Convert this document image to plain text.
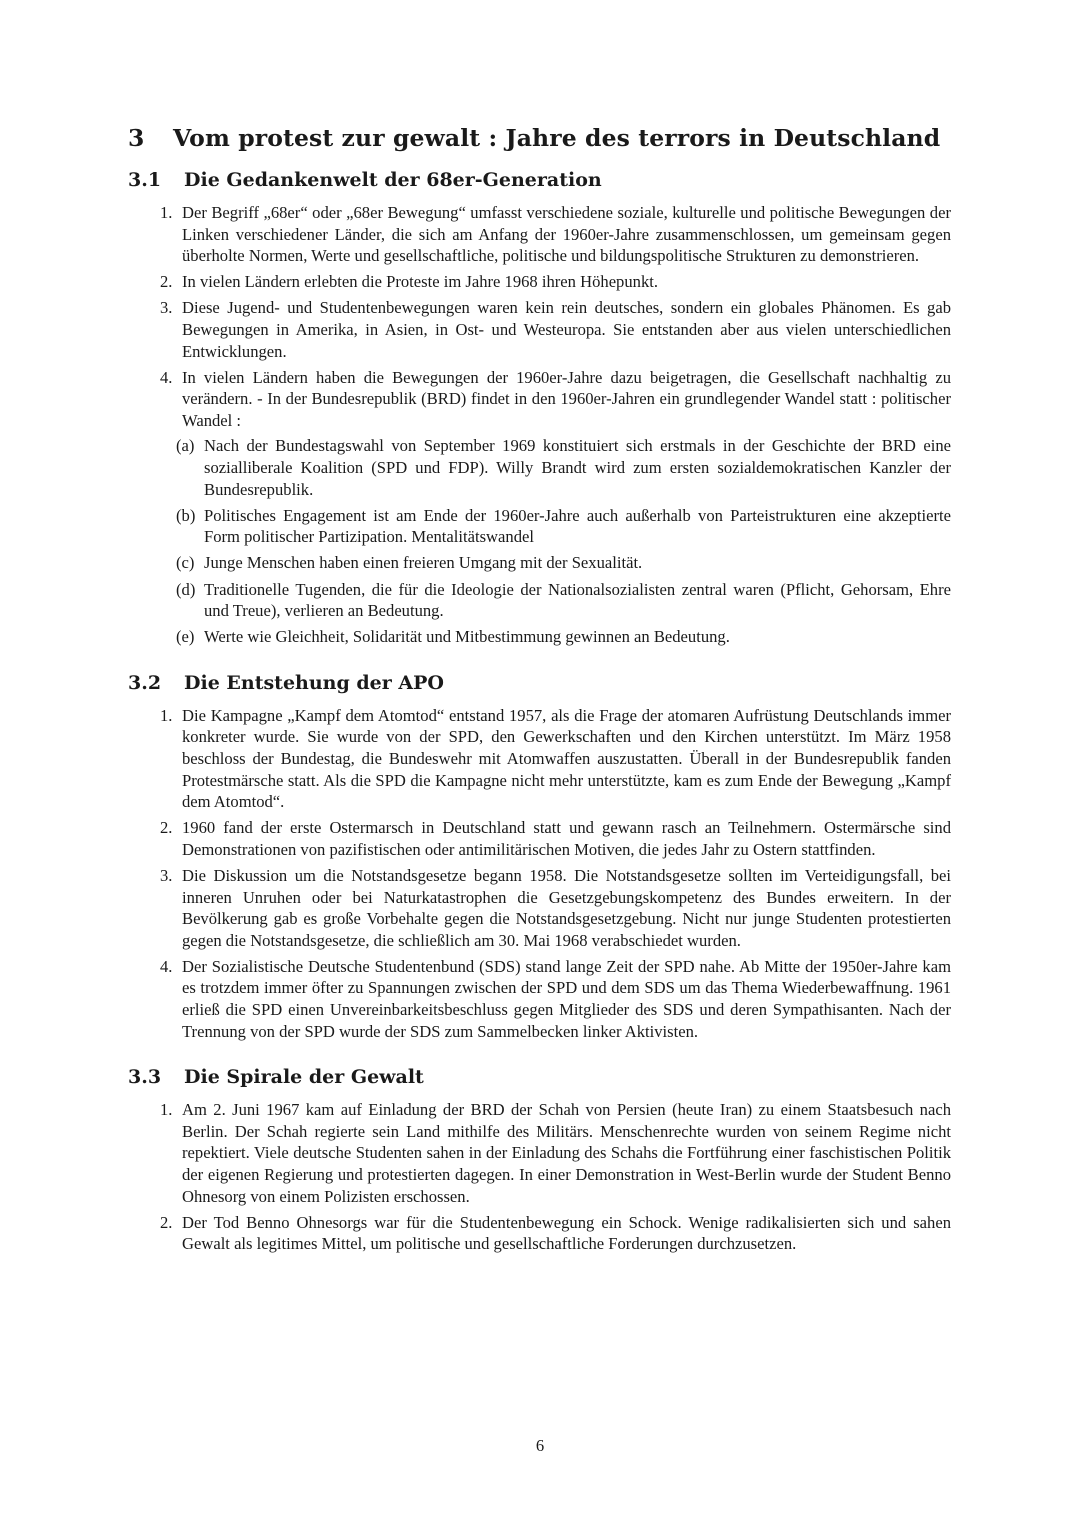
3 Vom protest zur gewalt : Jahre des terrors in Deutschland
3.1 Die Gedankenwelt der 68er-Generation
1. Der Begriff „68er“ oder „68er Bewegung“ umfasst verschiedene soziale, kulturelle und politische Bewegungen der Linken verschiedener Länder, die sich am Anfang der 1960er-Jahre zusammenschlossen, um gemeinsam gegen überholte Normen, Werte und gesellschaftliche, politische und bildungspolitische Strukturen zu demonstrieren.
2. In vielen Ländern erlebten die Proteste im Jahre 1968 ihren Höhepunkt.
3. Diese Jugend- und Studentenbewegungen waren kein rein deutsches, sondern ein globales Phänomen. Es gab Bewegungen in Amerika, in Asien, in Ost- und Westeuropa. Sie entstanden aber aus vielen unterschiedlichen Entwicklungen.
4. In vielen Ländern haben die Bewegungen der 1960er-Jahre dazu beigetragen, die Gesellschaft nachhaltig zu verändern. - In der Bundesrepublik (BRD) findet in den 1960er-Jahren ein grundlegender Wandel statt : politischer Wandel :
(a) Nach der Bundestagswahl von September 1969 konstituiert sich erstmals in der Geschichte der BRD eine sozialliberale Koalition (SPD und FDP). Willy Brandt wird zum ersten sozialdemokratischen Kanzler der Bundesrepublik.
(b) Politisches Engagement ist am Ende der 1960er-Jahre auch außerhalb von Parteistrukturen eine akzeptierte Form politischer Partizipation. Mentalitätswandel
(c) Junge Menschen haben einen freieren Umgang mit der Sexualität.
(d) Traditionelle Tugenden, die für die Ideologie der Nationalsozialisten zentral waren (Pflicht, Gehorsam, Ehre und Treue), verlieren an Bedeutung.
(e) Werte wie Gleichheit, Solidarität und Mitbestimmung gewinnen an Bedeutung.
3.2 Die Entstehung der APO
1. Die Kampagne „Kampf dem Atomtod“ entstand 1957, als die Frage der atomaren Aufrüstung Deutschlands immer konkreter wurde. Sie wurde von der SPD, den Gewerkschaften und den Kirchen unterstützt. Im März 1958 beschloss der Bundestag, die Bundeswehr mit Atomwaffen auszustatten. Überall in der Bundesrepublik fanden Protestmärsche statt. Als die SPD die Kampagne nicht mehr unterstützte, kam es zum Ende der Bewegung „Kampf dem Atomtod“.
2. 1960 fand der erste Ostermarsch in Deutschland statt und gewann rasch an Teilnehmern. Ostermärsche sind Demonstrationen von pazifistischen oder antimilitärischen Motiven, die jedes Jahr zu Ostern stattfinden.
3. Die Diskussion um die Notstandsgesetze begann 1958. Die Notstandsgesetze sollten im Verteidigungsfall, bei inneren Unruhen oder bei Naturkatastrophen die Gesetzgebungskompetenz des Bundes erweitern. In der Bevölkerung gab es große Vorbehalte gegen die Notstandsgesetzgebung. Nicht nur junge Studenten protestierten gegen die Notstandsgesetze, die schließlich am 30. Mai 1968 verabschiedet wurden.
4. Der Sozialistische Deutsche Studentenbund (SDS) stand lange Zeit der SPD nahe. Ab Mitte der 1950er-Jahre kam es trotzdem immer öfter zu Spannungen zwischen der SPD und dem SDS um das Thema Wiederbewaffnung. 1961 erließ die SPD einen Unvereinbarkeitsbeschluss gegen Mitglieder des SDS und deren Sympathisanten. Nach der Trennung von der SPD wurde der SDS zum Sammelbecken linker Aktivisten.
3.3 Die Spirale der Gewalt
1. Am 2. Juni 1967 kam auf Einladung der BRD der Schah von Persien (heute Iran) zu einem Staatsbesuch nach Berlin. Der Schah regierte sein Land mithilfe des Militärs. Menschenrechte wurden von seinem Regime nicht repektiert. Viele deutsche Studenten sahen in der Einladung des Schahs die Fortführung einer faschistischen Politik der eigenen Regierung und protestierten dagegen. In einer Demonstration in West-Berlin wurde der Student Benno Ohnesorg von einem Polizisten erschossen.
2. Der Tod Benno Ohnesorgs war für die Studentenbewegung ein Schock. Wenige radikalisierten sich und sahen Gewalt als legitimes Mittel, um politische und gesellschaftliche Forderungen durchzusetzen.
6
